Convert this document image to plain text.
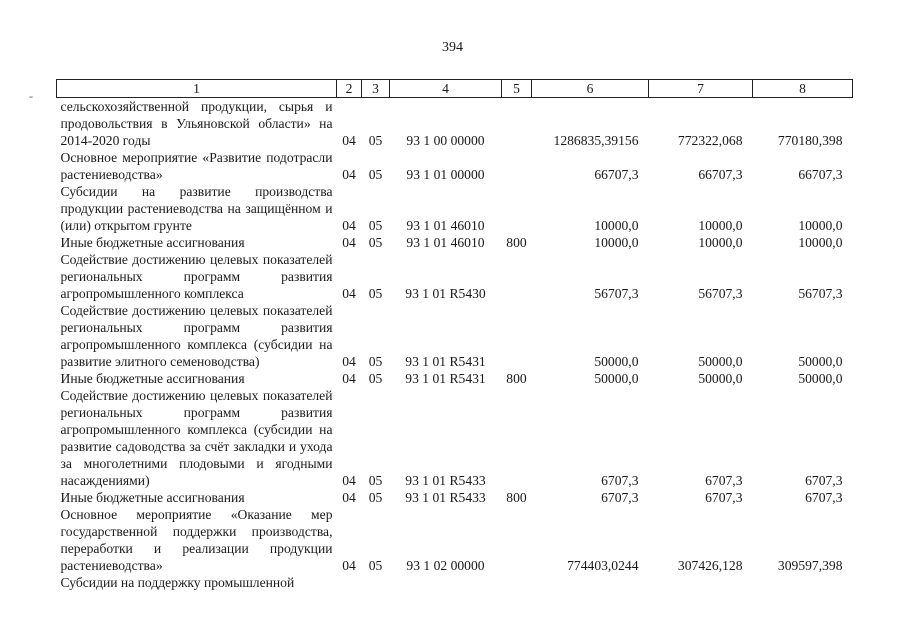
394
-	1	2	3	4	5	6	7	8
сельскохозяйственной продукции, сырья и продовольствия в Ульяновской области» на 2014-2020 годы	04	05	93 1 00 00000		1286835,39156	772322,068	770180,398
Основное мероприятие «Развитие подотрасли растениеводства»	04	05	93 1 01 00000		66707,3	66707,3	66707,3
Субсидии на развитие производства продукции растениеводства на защищённом и (или) открытом грунте	04	05	93 1 01 46010		10000,0	10000,0	10000,0
Иные бюджетные ассигнования	04	05	93 1 01 46010	800	10000,0	10000,0	10000,0
Содействие достижению целевых показателей региональных программ развития агропромышленного комплекса	04	05	93 1 01 R5430		56707,3	56707,3	56707,3
Содействие достижению целевых показателей региональных программ развития агропромышленного комплекса (субсидии на развитие элитного семеноводства)	04	05	93 1 01 R5431		50000,0	50000,0	50000,0
Иные бюджетные ассигнования	04	05	93 1 01 R5431	800	50000,0	50000,0	50000,0
Содействие достижению целевых показателей региональных программ развития агропромышленного комплекса (субсидии на развитие садоводства за счёт закладки и ухода за многолетними плодовыми и ягодными насаждениями)	04	05	93 1 01 R5433		6707,3	6707,3	6707,3
Иные бюджетные ассигнования	04	05	93 1 01 R5433	800	6707,3	6707,3	6707,3
Основное мероприятие «Оказание мер государственной поддержки производства, переработки и реализации продукции растениеводства»	04	05	93 1 02 00000		774403,0244	307426,128	309597,398
Субсидии на поддержку промышленной							
